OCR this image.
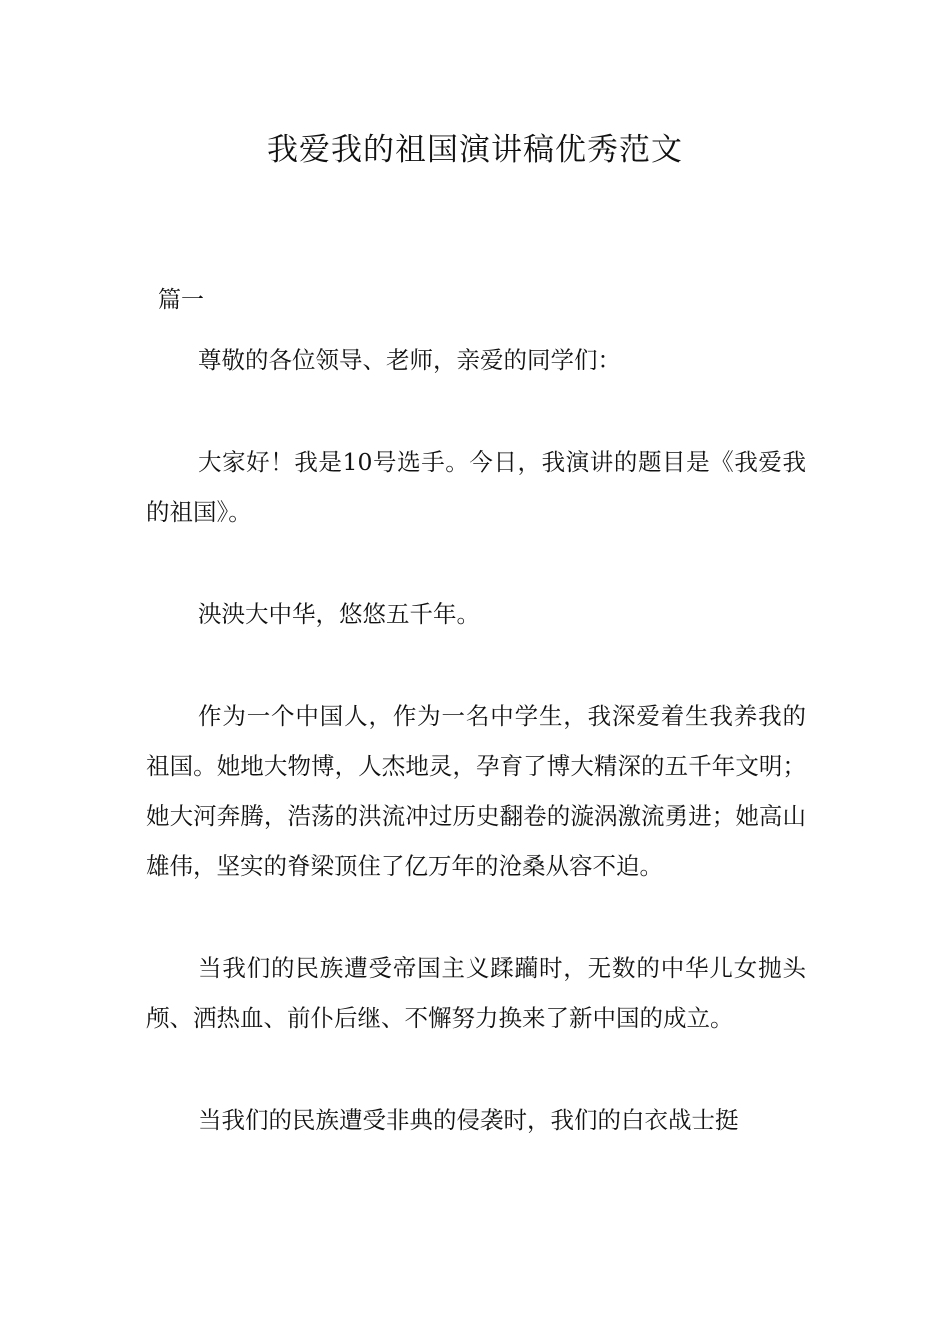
我爱我的祖国演讲稿优秀范文
篇一

尊敬的各位领导、老师，亲爱的同学们：

大家好！我是10号选手。今日，我演讲的题目是《我爱我的祖国》。

泱泱大中华，悠悠五千年。

作为一个中国人，作为一名中学生，我深爱着生我养我的祖国。她地大物博，人杰地灵，孕育了博大精深的五千年文明；她大河奔腾，浩荡的洪流冲过历史翻卷的漩涡激流勇进；她高山雄伟，坚实的脊梁顶住了亿万年的沧桑从容不迫。

当我们的民族遭受帝国主义蹂躏时，无数的中华儿女抛头颅、洒热血、前仆后继、不懈努力换来了新中国的成立。

当我们的民族遭受非典的侵袭时，我们的白衣战士挺
